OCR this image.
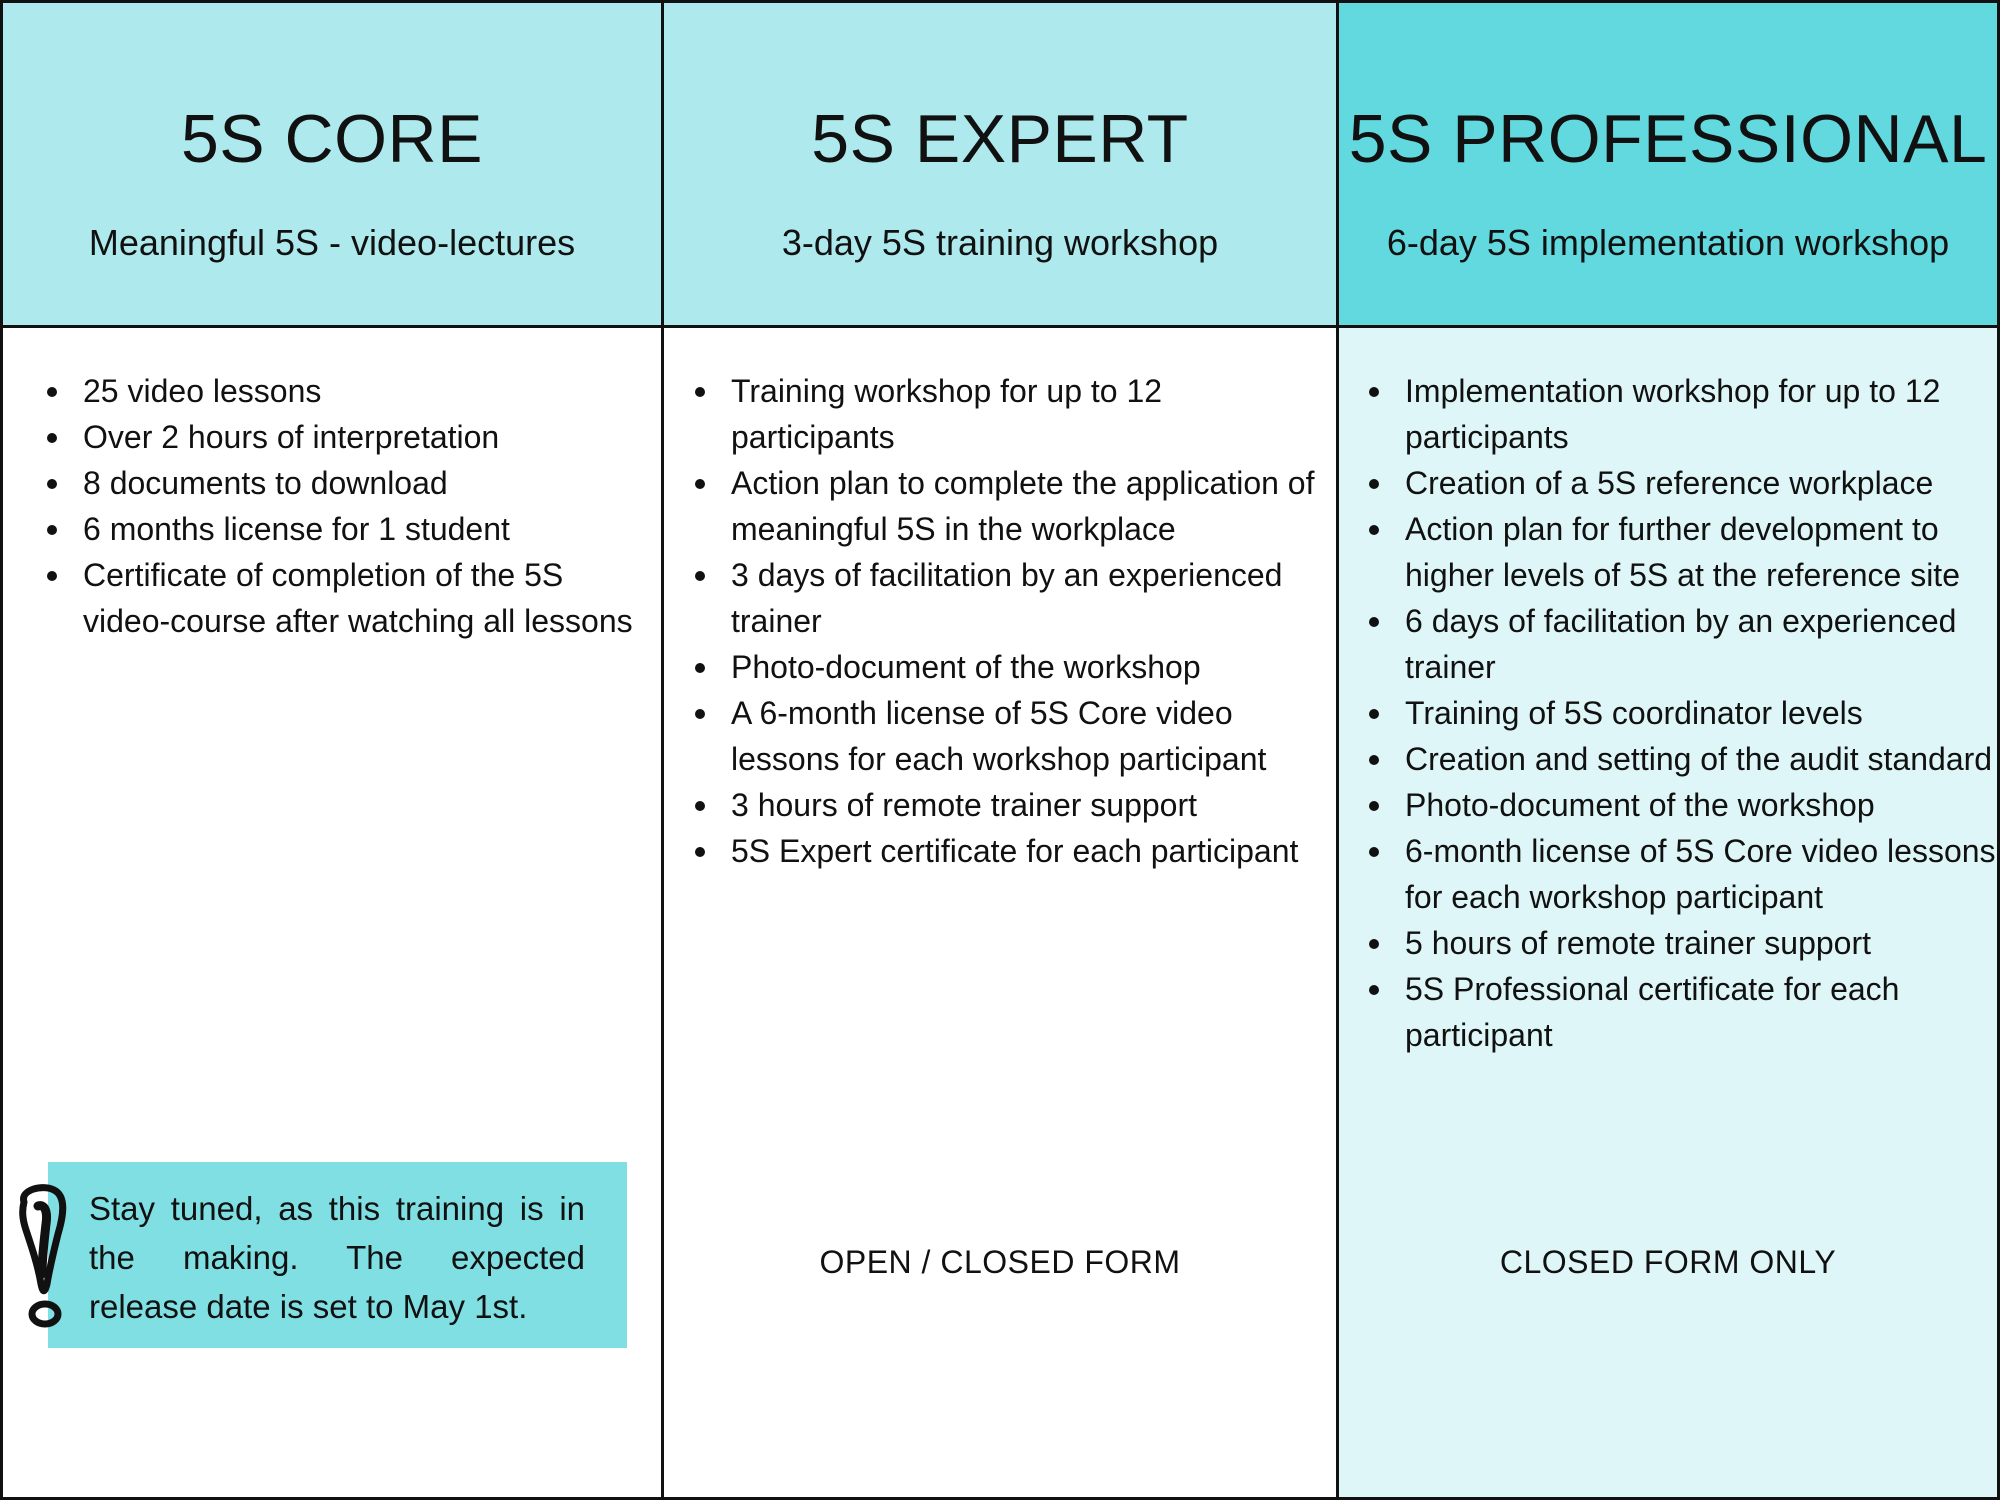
5S CORE
Meaningful 5S - video-lectures
25 video lessons
Over 2 hours of interpretation
8 documents to download
6 months license for 1 student
Certificate of completion of the 5S video-course after watching all lessons
Stay tuned, as this training is in the making. The expected release date is set to May 1st.
5S EXPERT
3-day 5S training workshop
Training workshop for up to 12 participants
Action plan to complete the application of meaningful 5S in the workplace
3 days of facilitation by an experienced trainer
Photo-document of the workshop
A 6-month license of 5S Core video lessons for each workshop participant
3 hours of remote trainer support
5S Expert certificate for each participant
OPEN / CLOSED FORM
5S PROFESSIONAL
6-day 5S implementation workshop
Implementation workshop for up to 12 participants
Creation of a 5S reference workplace
Action plan for further development to higher levels of 5S at the reference site
6 days of facilitation by an experienced trainer
Training of 5S coordinator levels
Creation and setting of the audit standard
Photo-document of the workshop
6-month license of 5S Core video lessons for each workshop participant
5 hours of remote trainer support
5S Professional certificate for each participant
CLOSED FORM ONLY
